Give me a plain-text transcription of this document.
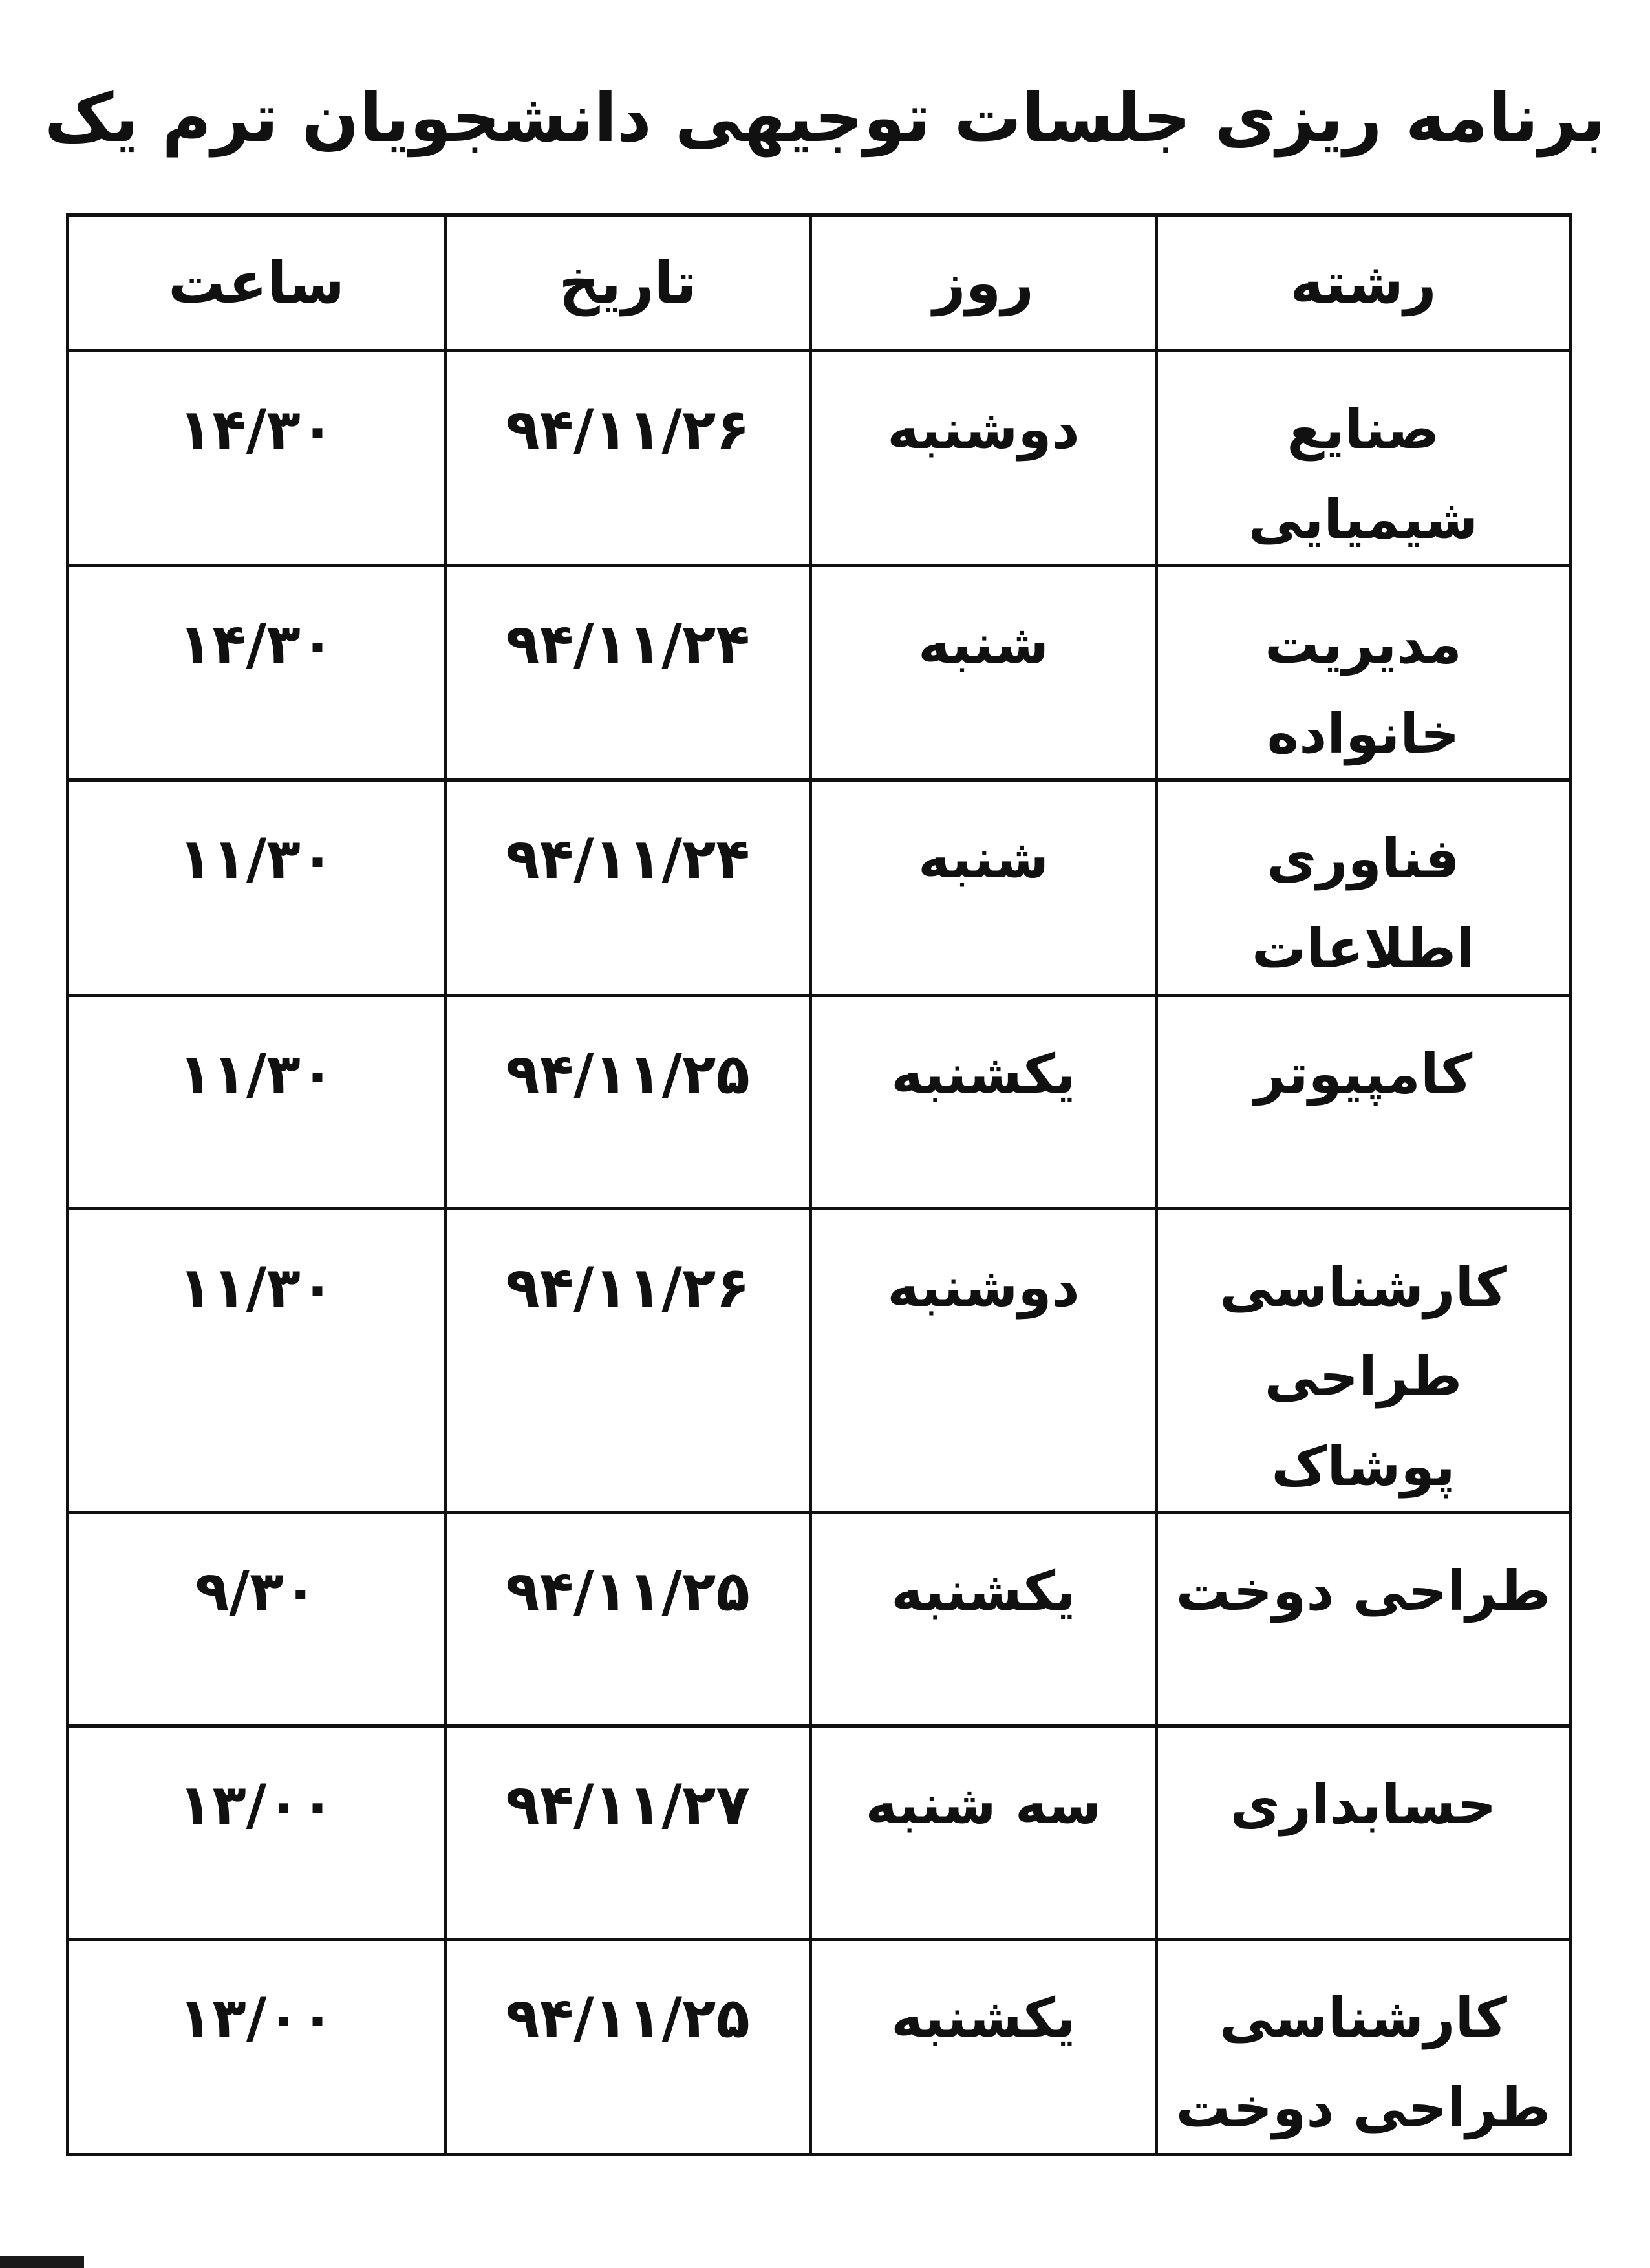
برنامه ریزی جلسات توجیهی دانشجویان ترم یک
رشته	روز	تاریخ	ساعت

صنایع شیمیایی	دوشنبه	۹۴/۱۱/۲۶	۱۴/۳۰
مدیریت خانواده	شنبه	۹۴/۱۱/۲۴	۱۴/۳۰
فناوری اطلاعات	شنبه	۹۴/۱۱/۲۴	۱۱/۳۰
کامپیوتر	یکشنبه	۹۴/۱۱/۲۵	۱۱/۳۰
کارشناسی طراحی پوشاک	دوشنبه	۹۴/۱۱/۲۶	۱۱/۳۰
طراحی دوخت	یکشنبه	۹۴/۱۱/۲۵	۹/۳۰
حسابداری	سه شنبه	۹۴/۱۱/۲۷	۱۳/۰۰
کارشناسی طراحی دوخت	یکشنبه	۹۴/۱۱/۲۵	۱۳/۰۰
